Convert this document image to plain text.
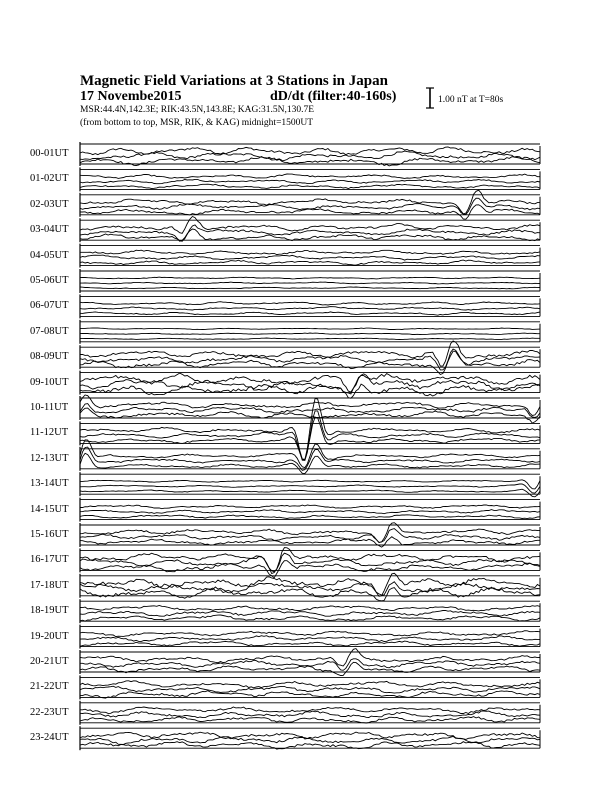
Magnetic Field Variations at 3 Stations in Japan
17 Novembe2015	dD/dt (filter:40-160s)
MSR:44.4N,142.3E; RIK:43.5N,143.8E; KAG:31.5N,130.7E
(from bottom to top, MSR, RIK, & KAG) midnight=1500UT
1.00 nT at T=80s
00-01UT
01-02UT
02-03UT
03-04UT
04-05UT
05-06UT
06-07UT
07-08UT
08-09UT
09-10UT
10-11UT
11-12UT
12-13UT
13-14UT
14-15UT
15-16UT
16-17UT
17-18UT
18-19UT
19-20UT
20-21UT
21-22UT
22-23UT
23-24UT
